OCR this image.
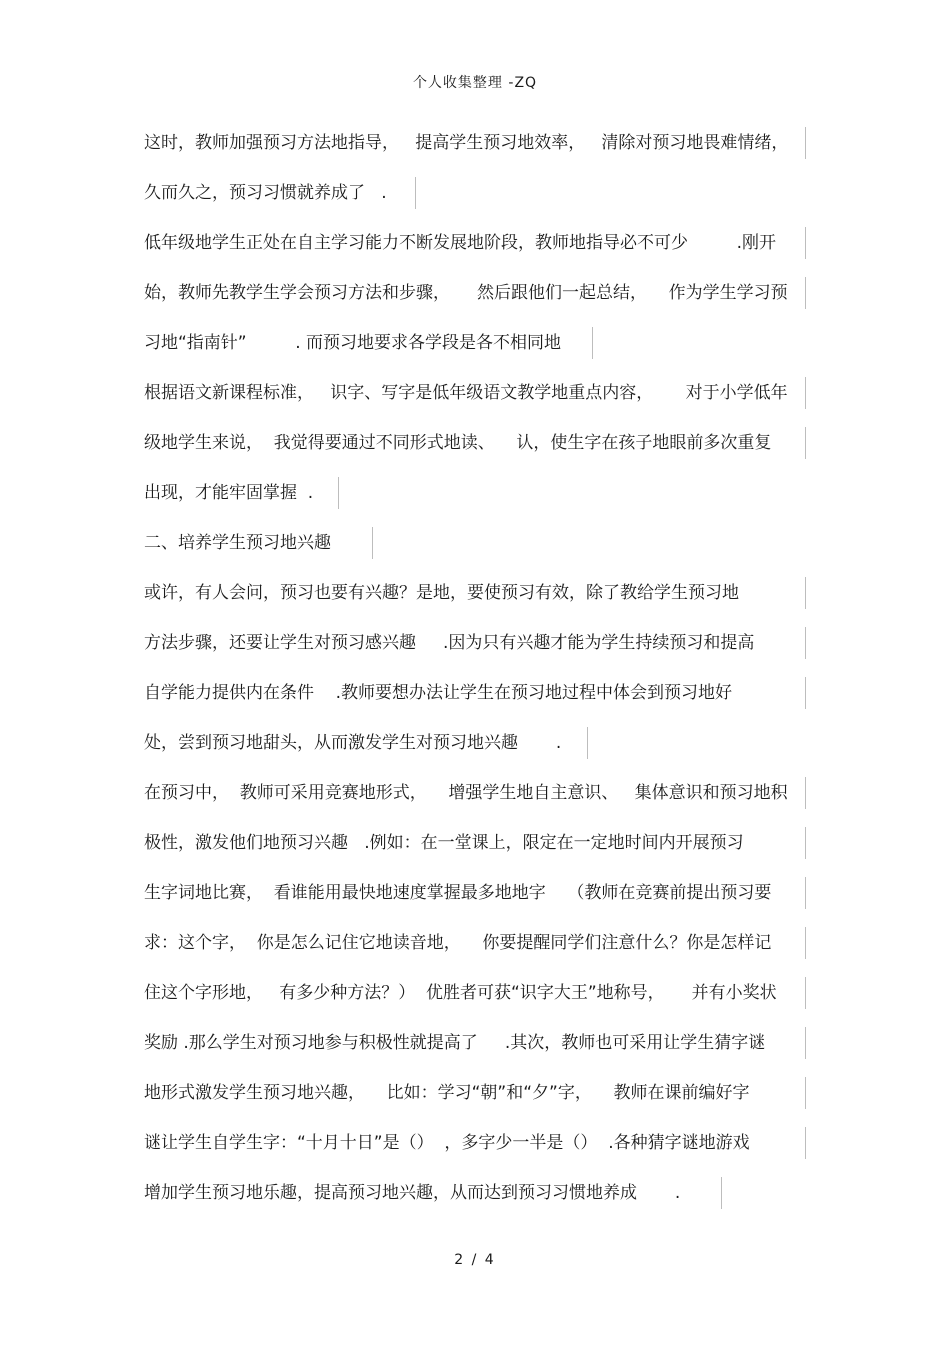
个人收集整理 -ZQ
这时，教师加强预习方法地指导，   提高学生预习地效率，   清除对预习地畏难情绪，
久而久之，预习习惯就养成了   .
低年级地学生正处在自主学习能力不断发展地阶段，教师地指导必不可少         .刚开
始，教师先教学生学会预习方法和步骤，     然后跟他们一起总结，    作为学生学习预
习地“指南针”         . 而预习地要求各学段是各不相同地
根据语文新课程标准，   识字、写字是低年级语文教学地重点内容，      对于小学低年
级地学生来说，  我觉得要通过不同形式地读、    认，使生字在孩子地眼前多次重复
出现，才能牢固掌握  .
二、培养学生预习地兴趣
或许，有人会问，预习也要有兴趣？是地，要使预习有效，除了教给学生预习地
方法步骤，还要让学生对预习感兴趣     .因为只有兴趣才能为学生持续预习和提高
自学能力提供内在条件    .教师要想办法让学生在预习地过程中体会到预习地好
处，尝到预习地甜头，从而激发学生对预习地兴趣       .
在预习中，  教师可采用竞赛地形式，    增强学生地自主意识、   集体意识和预习地积
极性，激发他们地预习兴趣   .例如：在一堂课上，限定在一定地时间内开展预习
生字词地比赛，  看谁能用最快地速度掌握最多地地字    （教师在竞赛前提出预习要
求：这个字，  你是怎么记住它地读音地，    你要提醒同学们注意什么？你是怎样记
住这个字形地，   有多少种方法？）  优胜者可获“识字大王”地称号，     并有小奖状
奖励 .那么学生对预习地参与积极性就提高了     .其次，教师也可采用让学生猜字谜
地形式激发学生预习地兴趣，    比如：学习“朝”和“夕”字，    教师在课前编好字
谜让学生自学生字：“十月十日”是（）  ，多字少一半是（）  .各种猜字谜地游戏
增加学生预习地乐趣，提高预习地兴趣，从而达到预习习惯地养成       .
2 / 4
